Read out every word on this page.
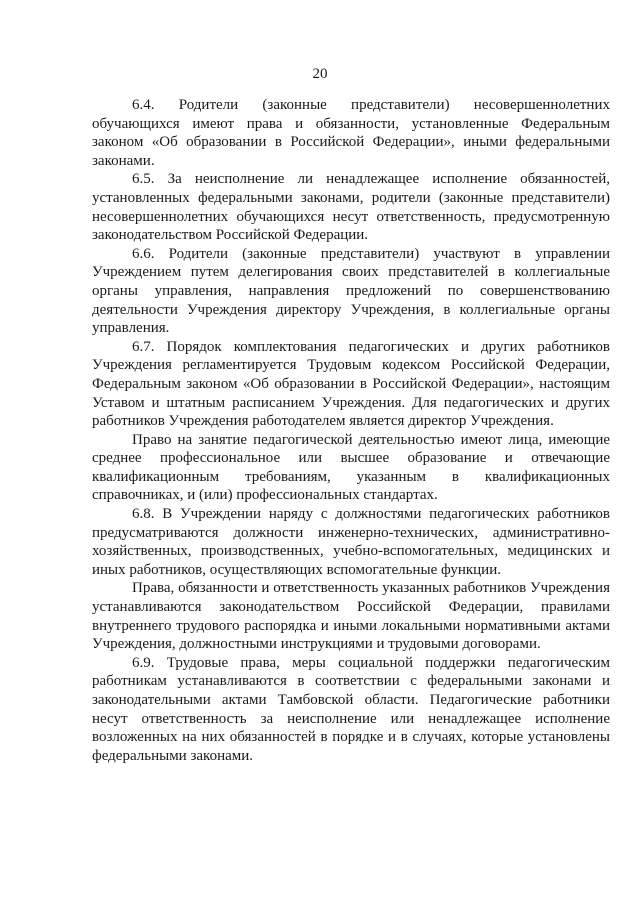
20

6.4. Родители (законные представители) несовершеннолетних обучающихся имеют права и обязанности, установленные Федеральным законом «Об образовании в Российской Федерации», иными федеральными законами.

6.5. За неисполнение ли ненадлежащее исполнение обязанностей, установленных федеральными законами, родители (законные представители) несовершеннолетних обучающихся несут ответственность, предусмотренную законодательством Российской Федерации.

6.6. Родители (законные представители) участвуют в управлении Учреждением путем делегирования своих представителей в коллегиальные органы управления, направления предложений по совершенствованию деятельности Учреждения директору Учреждения, в коллегиальные органы управления.

6.7. Порядок комплектования педагогических и других работников Учреждения регламентируется Трудовым кодексом Российской Федерации, Федеральным законом «Об образовании в Российской Федерации», настоящим Уставом и штатным расписанием Учреждения. Для педагогических и других работников Учреждения работодателем является директор Учреждения.

Право на занятие педагогической деятельностью имеют лица, имеющие среднее профессиональное или высшее образование и отвечающие квалификационным требованиям, указанным в квалификационных справочниках, и (или) профессиональных стандартах.

6.8. В Учреждении наряду с должностями педагогических работников предусматриваются должности инженерно-технических, административно-хозяйственных, производственных, учебно-вспомогательных, медицинских и иных работников, осуществляющих вспомогательные функции.

Права, обязанности и ответственность указанных работников Учреждения устанавливаются законодательством Российской Федерации, правилами внутреннего трудового распорядка и иными локальными нормативными актами Учреждения, должностными инструкциями и трудовыми договорами.

6.9. Трудовые права, меры социальной поддержки педагогическим работникам устанавливаются в соответствии с федеральными законами и законодательными актами Тамбовской области. Педагогические работники несут ответственность за неисполнение или ненадлежащее исполнение возложенных на них обязанностей в порядке и в случаях, которые установлены федеральными законами.
